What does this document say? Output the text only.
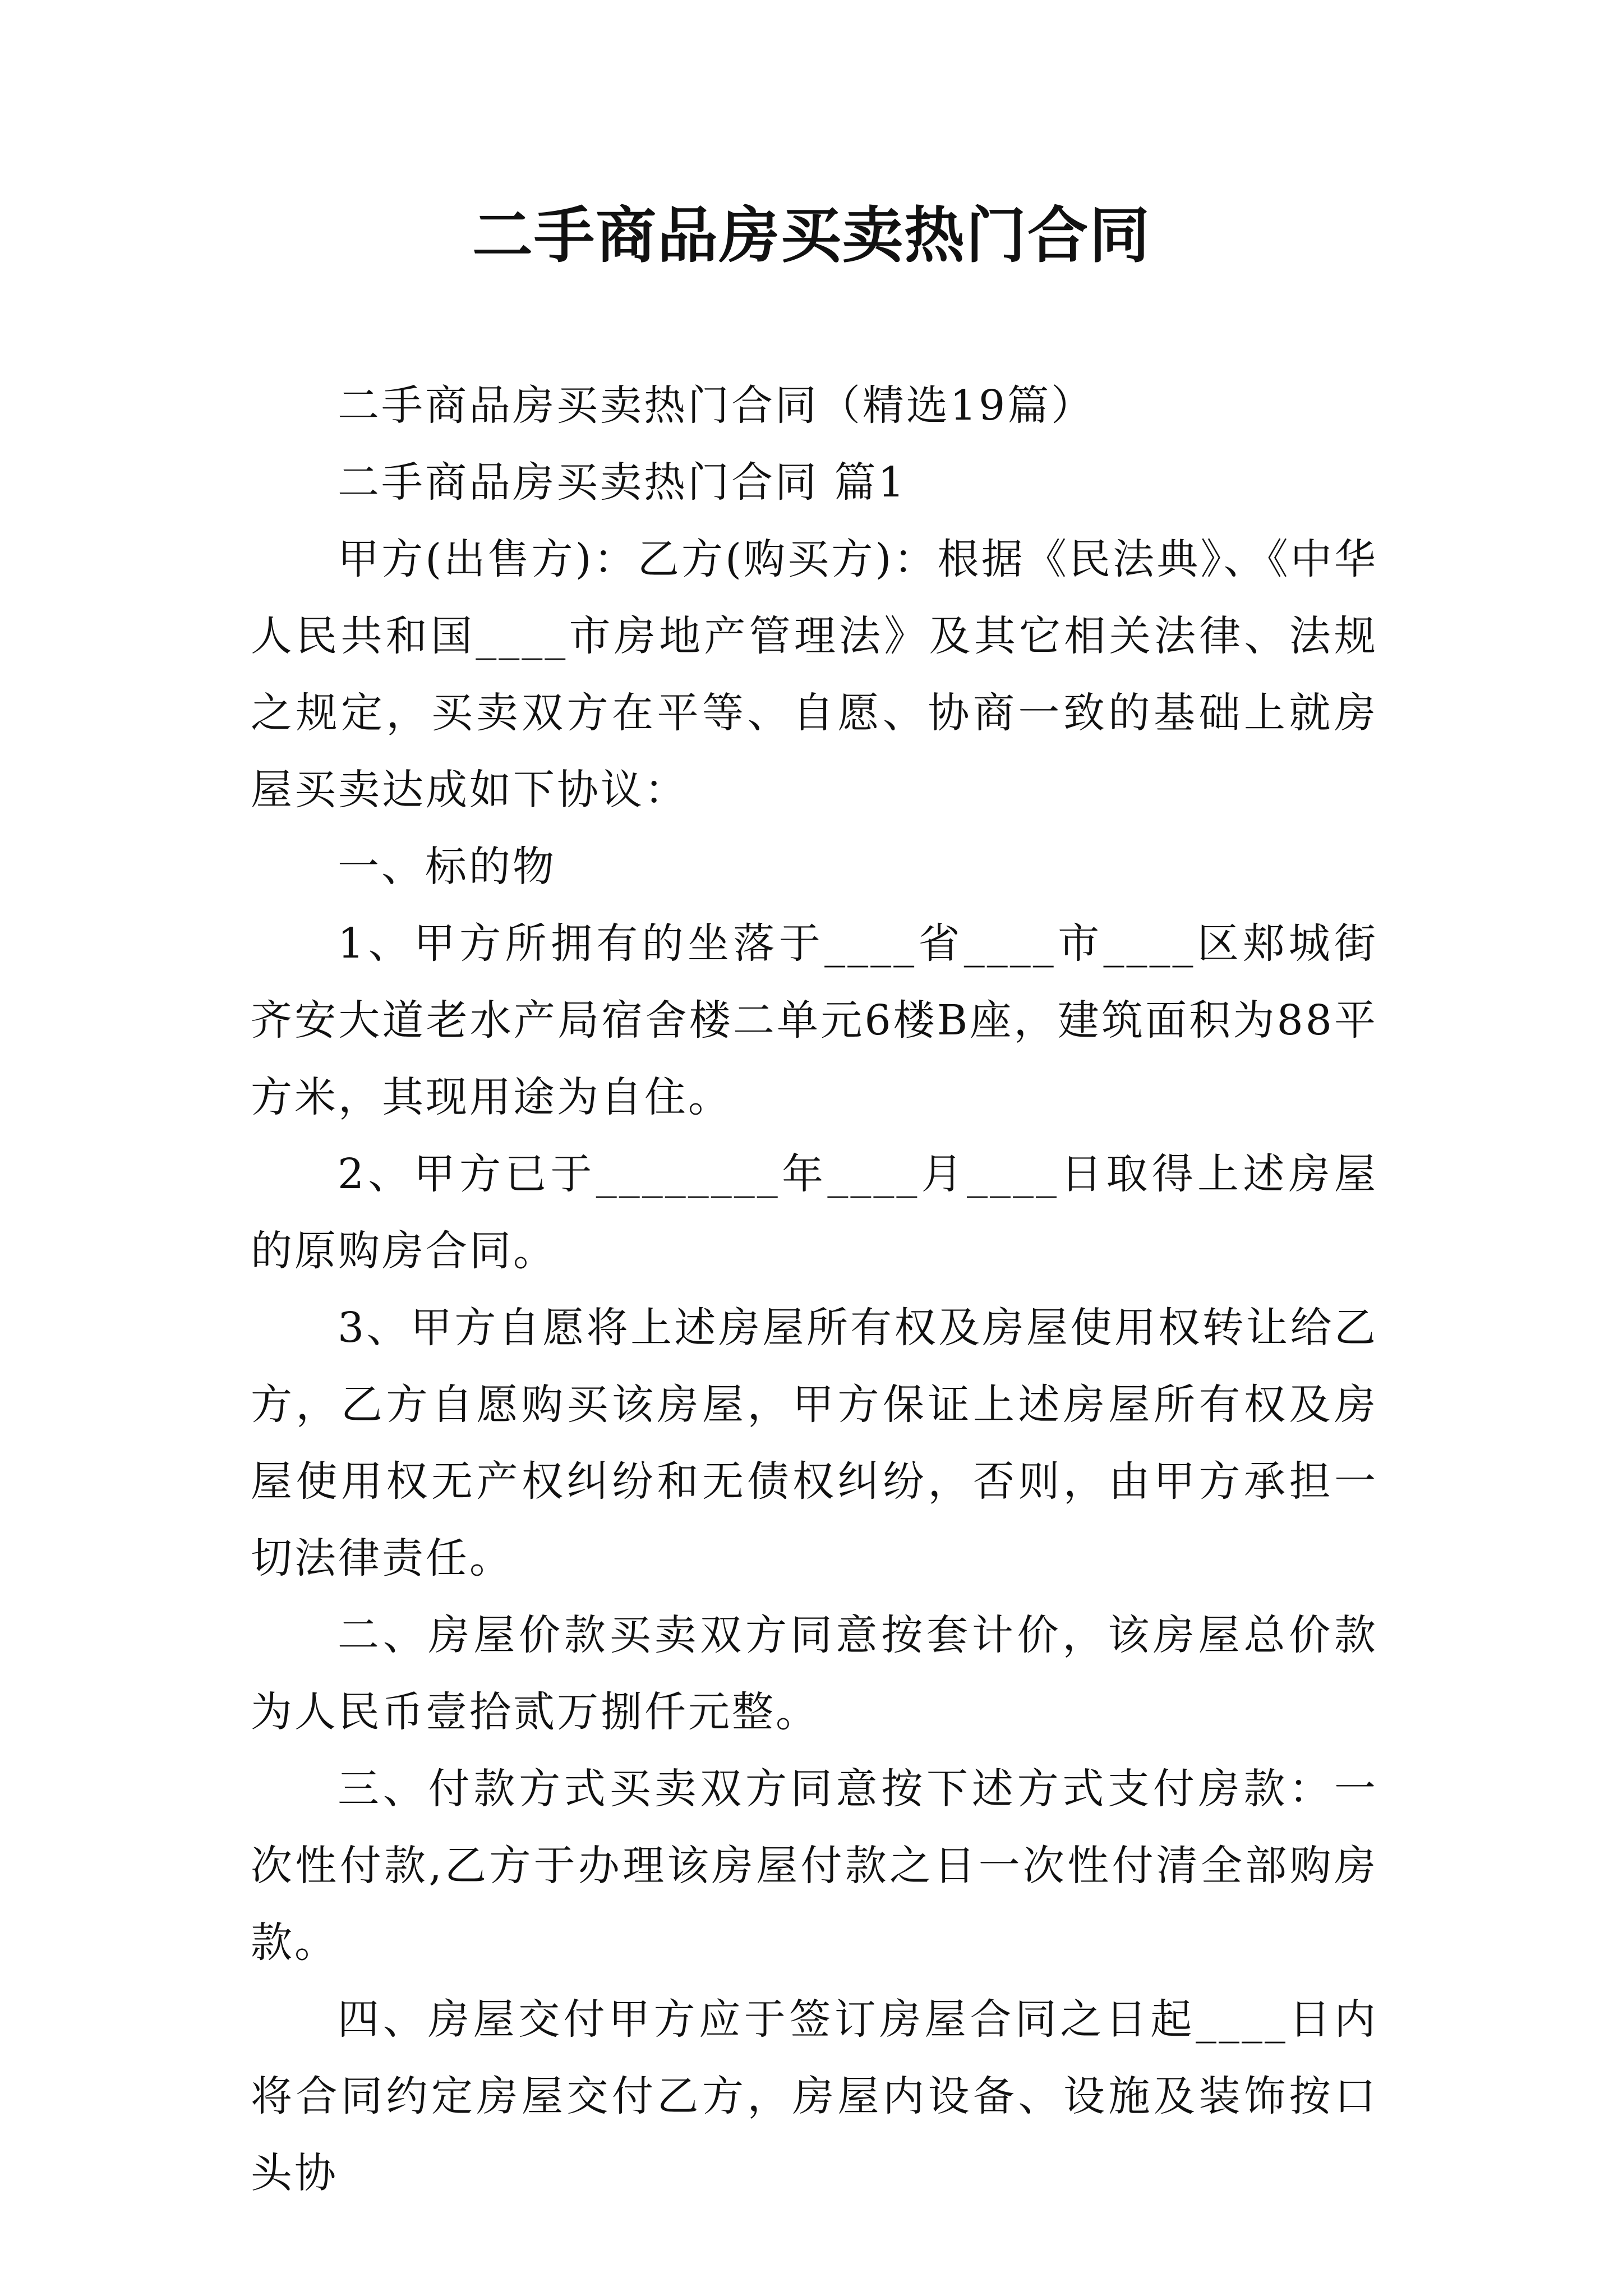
二手商品房买卖热门合同

二手商品房买卖热门合同（精选19篇）

二手商品房买卖热门合同 篇1

甲方(出售方)：乙方(购买方)：根据《民法典》、《中华人民共和国____市房地产管理法》及其它相关法律、法规之规定，买卖双方在平等、自愿、协商一致的基础上就房屋买卖达成如下协议：

一、标的物

1、甲方所拥有的坐落于____省____市____区郏城街齐安大道老水产局宿舍楼二单元6楼B座，建筑面积为88平方米，其现用途为自住。

2、甲方已于________年____月____日取得上述房屋的原购房合同。

3、甲方自愿将上述房屋所有权及房屋使用权转让给乙方，乙方自愿购买该房屋，甲方保证上述房屋所有权及房屋使用权无产权纠纷和无债权纠纷，否则，由甲方承担一切法律责任。

二、房屋价款买卖双方同意按套计价，该房屋总价款为人民币壹拾贰万捌仟元整。

三、付款方式买卖双方同意按下述方式支付房款：一次性付款,乙方于办理该房屋付款之日一次性付清全部购房款。

四、房屋交付甲方应于签订房屋合同之日起____日内将合同约定房屋交付乙方，房屋内设备、设施及装饰按口头协
